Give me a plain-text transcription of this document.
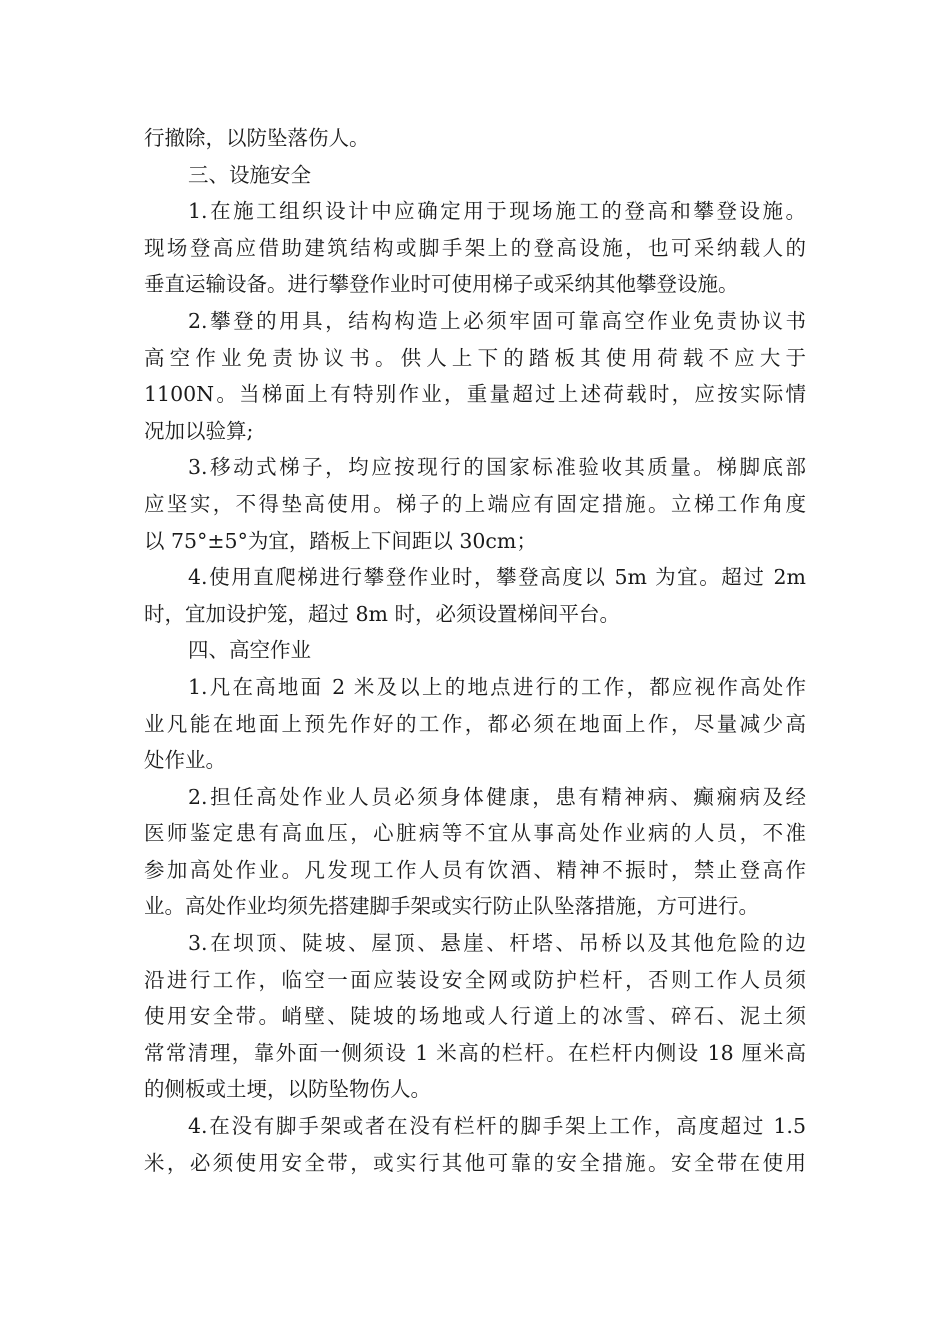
行撤除，以防坠落伤人。
三、设施安全
1.在施工组织设计中应确定用于现场施工的登高和攀登设施。
现场登高应借助建筑结构或脚手架上的登高设施，也可采纳载人的
垂直运输设备。进行攀登作业时可使用梯子或采纳其他攀登设施。
2.攀登的用具，结构构造上必须牢固可靠高空作业免责协议书
高空作业免责协议书。供人上下的踏板其使用荷载不应大于
1100N。当梯面上有特别作业，重量超过上述荷载时，应按实际情
况加以验算;
3.移动式梯子，均应按现行的国家标准验收其质量。梯脚底部
应坚实，不得垫高使用。梯子的上端应有固定措施。立梯工作角度
以 75°±5°为宜，踏板上下间距以 30cm；
4.使用直爬梯进行攀登作业时，攀登高度以 5m 为宜。超过 2m
时，宜加设护笼，超过 8m 时，必须设置梯间平台。
四、高空作业
1.凡在高地面 2 米及以上的地点进行的工作，都应视作高处作
业凡能在地面上预先作好的工作，都必须在地面上作，尽量减少高
处作业。
2.担任高处作业人员必须身体健康，患有精神病、癫痫病及经
医师鉴定患有高血压，心脏病等不宜从事高处作业病的人员，不准
参加高处作业。凡发现工作人员有饮酒、精神不振时，禁止登高作
业。高处作业均须先搭建脚手架或实行防止队坠落措施，方可进行。
3.在坝顶、陡坡、屋顶、悬崖、杆塔、吊桥以及其他危险的边
沿进行工作，临空一面应装设安全网或防护栏杆，否则工作人员须
使用安全带。峭壁、陡坡的场地或人行道上的冰雪、碎石、泥土须
常常清理，靠外面一侧须设 1 米高的栏杆。在栏杆内侧设 18 厘米高
的侧板或土埂，以防坠物伤人。
4.在没有脚手架或者在没有栏杆的脚手架上工作，高度超过 1.5
米，必须使用安全带，或实行其他可靠的安全措施。安全带在使用
